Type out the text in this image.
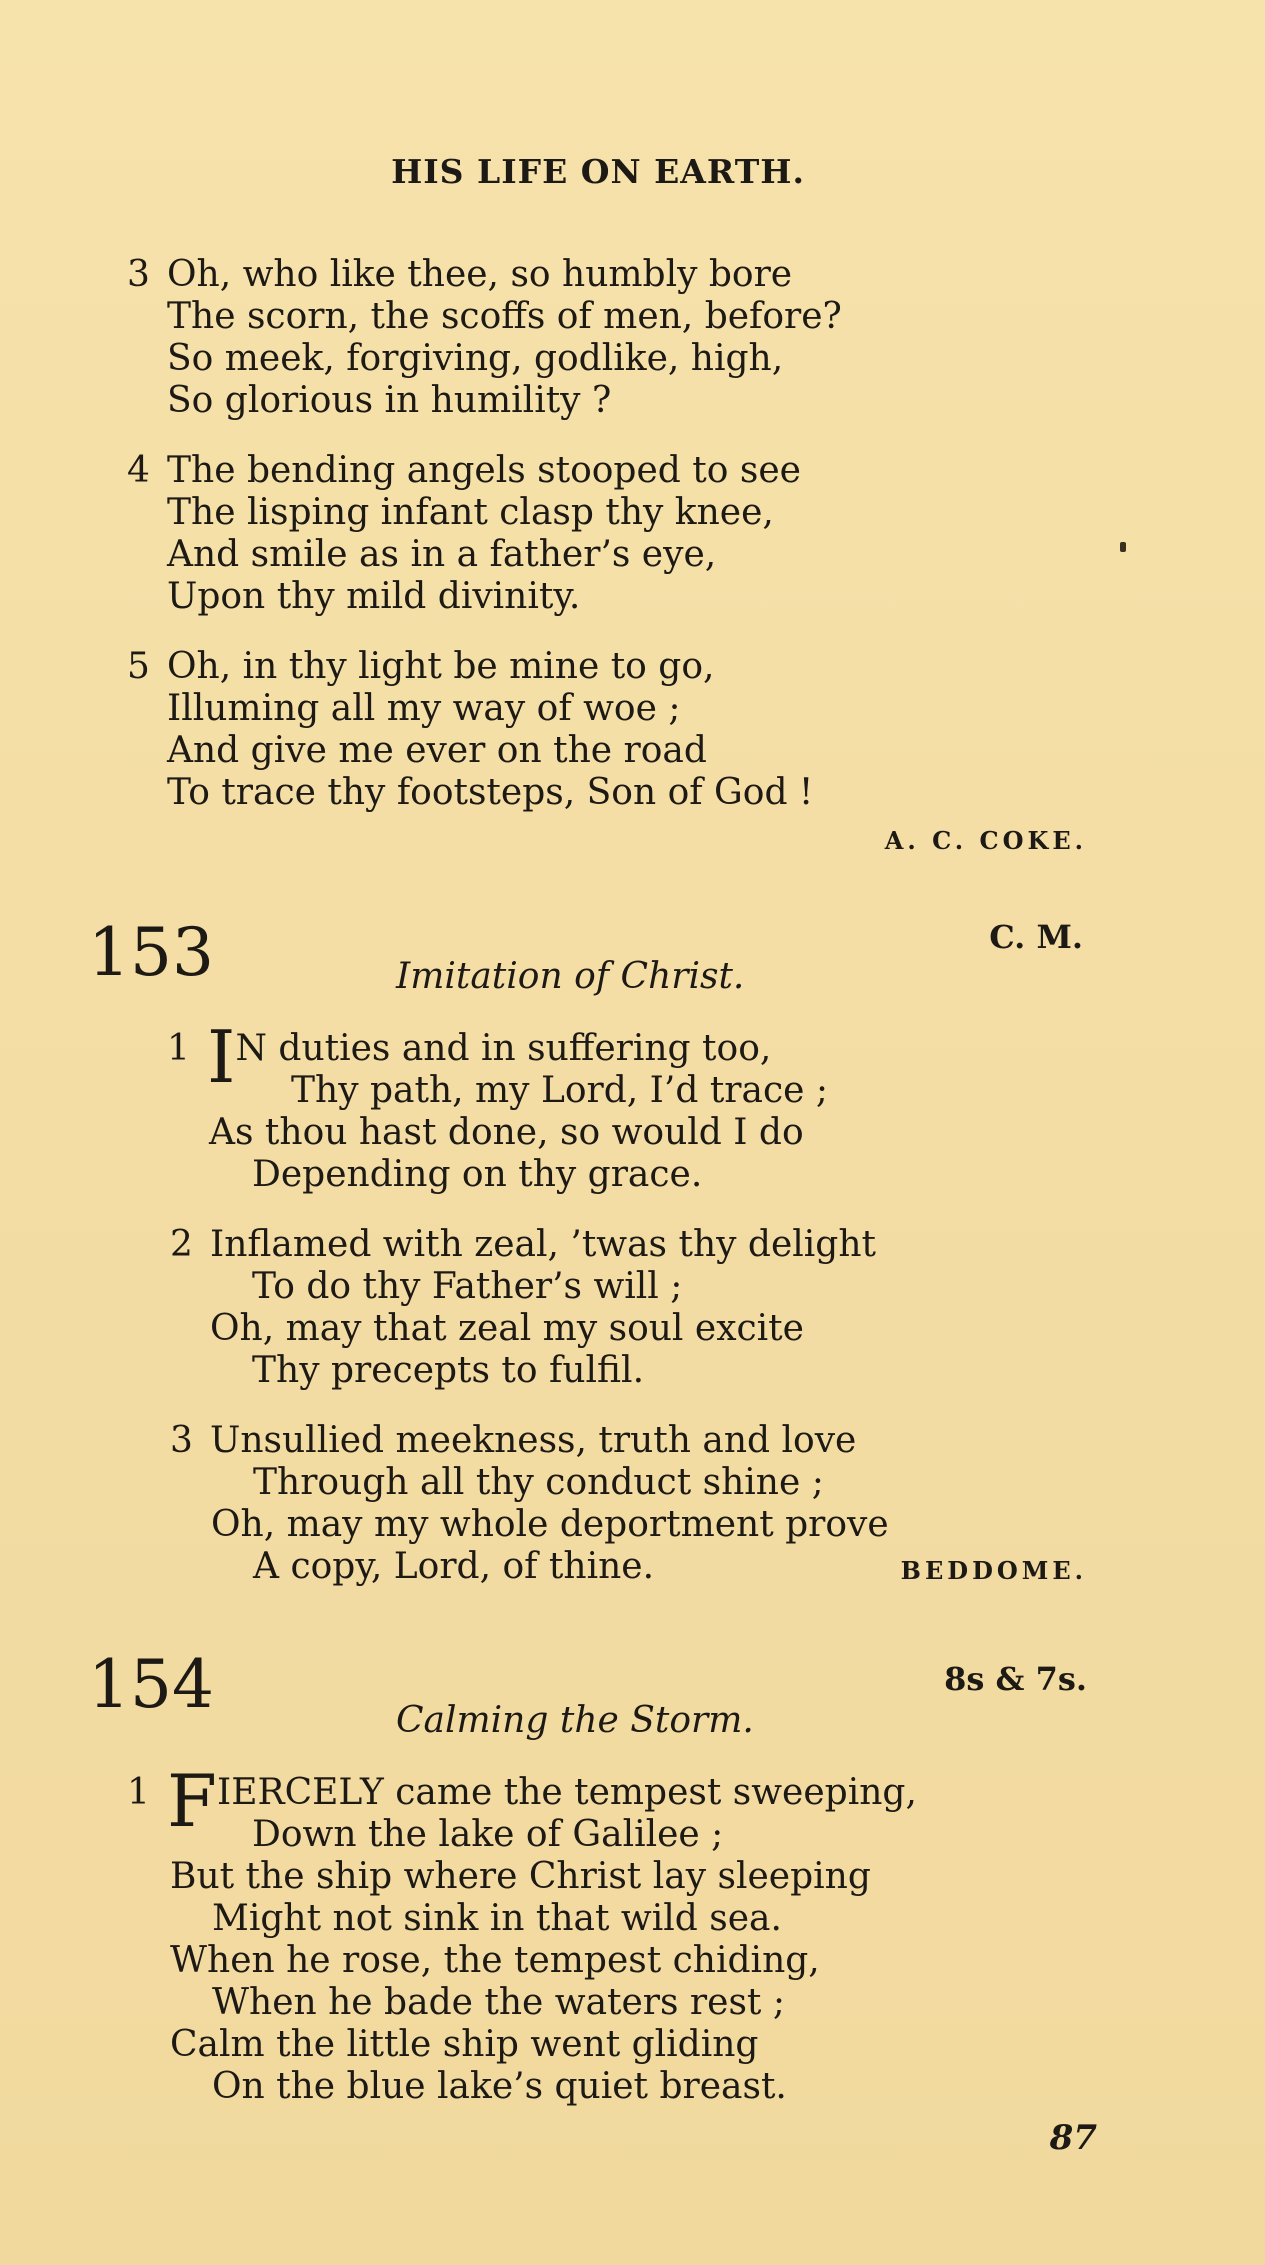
HIS LIFE ON EARTH.
3 Oh, who like thee, so humbly bore
The scorn, the scoffs of men, before?
So meek, forgiving, godlike, high,
So glorious in humility ?
4 The bending angels stooped to see
The lisping infant clasp thy knee,
And smile as in a father’s eye,
Upon thy mild divinity.
5 Oh, in thy light be mine to go,
Illuming all my way of woe ;
And give me ever on the road
To trace thy footsteps, Son of God !
A. C. COKE.
153	C. M.
Imitation of Christ.
1 IN duties and in suffering too,
Thy path, my Lord, I’d trace ;
As thou hast done, so would I do
Depending on thy grace.
2 Inflamed with zeal, ’twas thy delight
To do thy Father’s will ;
Oh, may that zeal my soul excite
Thy precepts to fulfil.
3 Unsullied meekness, truth and love
Through all thy conduct shine ;
Oh, may my whole deportment prove
A copy, Lord, of thine.	BEDDOME.
154	8s & 7s.
Calming the Storm.
1 FIERCELY came the tempest sweeping,
Down the lake of Galilee ;
But the ship where Christ lay sleeping
Might not sink in that wild sea.
When he rose, the tempest chiding,
When he bade the waters rest ;
Calm the little ship went gliding
On the blue lake’s quiet breast.
87
